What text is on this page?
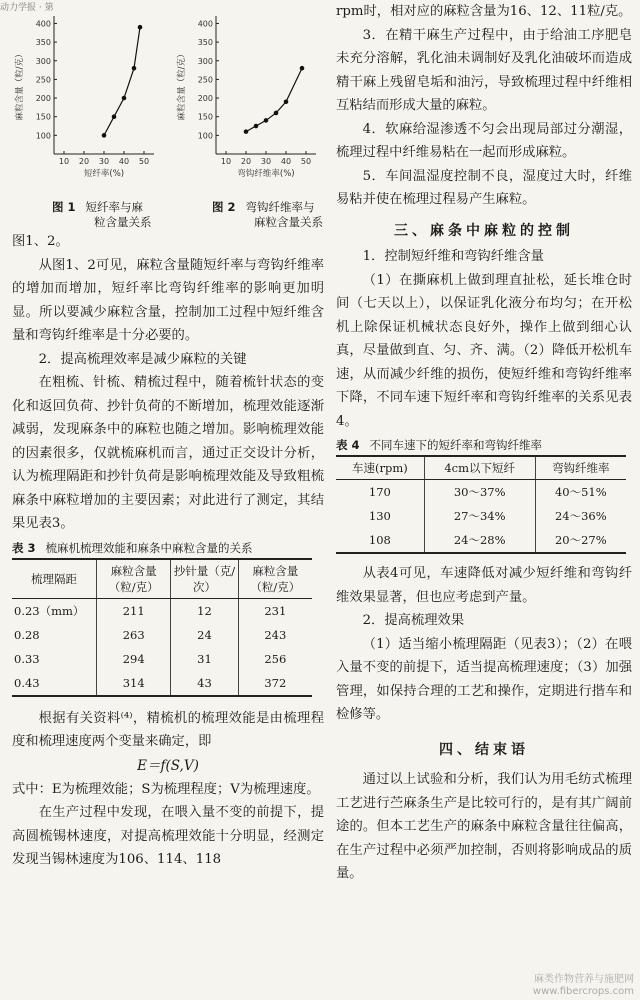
动力学报 · 第
10 20 30 40 50
100
150
200
250
300
350
400
短纤率(%)
麻粒含量（粒/克）
10 20 30 40 50
100
150
200
250
300
350
400
弯钩纤维率(%)
麻粒含量（粒/克）
图 1 短纤率与麻
粒含量关系
图 2 弯钩纤维率与
麻粒含量关系

图1、2。

从图1、2可见，麻粒含量随短纤率与弯钩纤维率的增加而增加，短纤率比弯钩纤维率的影响更加明显。所以要减少麻粒含量，控制加工过程中短纤维含量和弯钩纤维率是十分必要的。

2．提高梳理效率是减少麻粒的关键

在粗梳、针梳、精梳过程中，随着梳针状态的变化和返回负荷、抄针负荷的不断增加，梳理效能逐渐减弱，发现麻条中的麻粒也随之增加。影响梳理效能的因素很多，仅就梳麻机而言，通过正交设计分析，认为梳理隔距和抄针负荷是影响梳理效能及导致粗梳麻条中麻粒增加的主要因素；对此进行了测定，其结果见表3。

表 3 梳麻机梳理效能和麻条中麻粒含量的关系
梳理隔距	麻粒含量（粒/克）	抄针量（克/次）	麻粒含量（粒/克）
0.23（mm）	211	12	231
0.28	263	24	243
0.33	294	31	256
0.43	314	43	372

根据有关资料⁽⁴⁾，精梳机的梳理效能是由梳理程度和梳理速度两个变量来确定，即

E＝f(S,V)

式中：E为梳理效能；S为梳理程度；V为梳理速度。

在生产过程中发现，在喂入量不变的前提下，提高圆梳锡林速度，对提高梳理效能十分明显，经测定发现当锡林速度为106、114、118

rpm时，相对应的麻粒含量为16、12、11粒/克。

3．在精干麻生产过程中，由于给油工序肥皂未充分溶解，乳化油未调制好及乳化油破坏而造成精干麻上残留皂垢和油污，导致梳理过程中纤维相互粘结而形成大量的麻粒。

4．软麻给湿渗透不匀会出现局部过分潮湿，梳理过程中纤维易粘在一起而形成麻粒。

5．车间温湿度控制不良，湿度过大时，纤维易粘并使在梳理过程易产生麻粒。

三、麻条中麻粒的控制

1．控制短纤维和弯钩纤维含量

（1）在撕麻机上做到理直扯松，延长堆仓时间（七天以上），以保证乳化液分布均匀；在开松机上除保证机械状态良好外，操作上做到细心认真，尽量做到直、匀、齐、满。（2）降低开松机车速，从而减少纤维的损伤，使短纤维和弯钩纤维率下降，不同车速下短纤率和弯钩纤维率的关系见表4。

表 4 不同车速下的短纤率和弯钩纤维率
车速(rpm)	4cm以下短纤	弯钩纤维率
170	30～37%	40～51%
130	27～34%	24～36%
108	24～28%	20～27%

从表4可见，车速降低对减少短纤维和弯钩纤维效果显著，但也应考虑到产量。

2．提高梳理效果

（1）适当缩小梳理隔距（见表3）；（2）在喂入量不变的前提下，适当提高梳理速度；（3）加强管理，如保持合理的工艺和操作，定期进行揩车和检修等。

四、结束语

通过以上试验和分析，我们认为用毛纺式梳理工艺进行苎麻条生产是比较可行的，是有其广阔前途的。但本工艺生产的麻条中麻粒含量往往偏高，在生产过程中必须严加控制，否则将影响成品的质量。

麻类作物营养与施肥网
www.fibercrops.com
